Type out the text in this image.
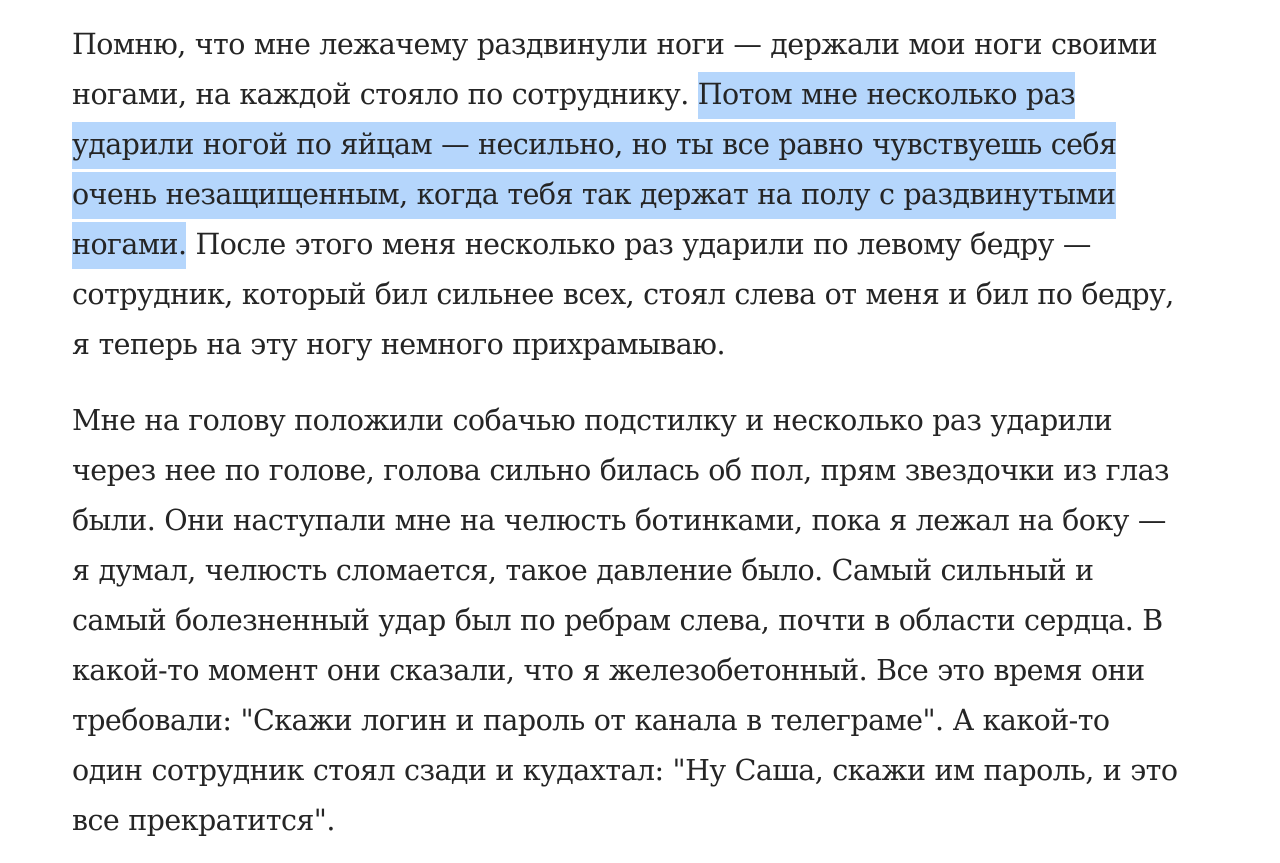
Помню, что мне лежачему раздвинули ноги — держали мои ноги своими
ногами, на каждой стояло по сотруднику. Потом мне несколько раз
ударили ногой по яйцам — несильно, но ты все равно чувствуешь себя
очень незащищенным, когда тебя так держат на полу с раздвинутыми
ногами. После этого меня несколько раз ударили по левому бедру —
сотрудник, который бил сильнее всех, стоял слева от меня и бил по бедру,
я теперь на эту ногу немного прихрамываю.

Мне на голову положили собачью подстилку и несколько раз ударили
через нее по голове, голова сильно билась об пол, прям звездочки из глаз
были. Они наступали мне на челюсть ботинками, пока я лежал на боку —
я думал, челюсть сломается, такое давление было. Самый сильный и
самый болезненный удар был по ребрам слева, почти в области сердца. В
какой-то момент они сказали, что я железобетонный. Все это время они
требовали: "Скажи логин и пароль от канала в телеграме". А какой-то
один сотрудник стоял сзади и кудахтал: "Ну Саша, скажи им пароль, и это
все прекратится".
